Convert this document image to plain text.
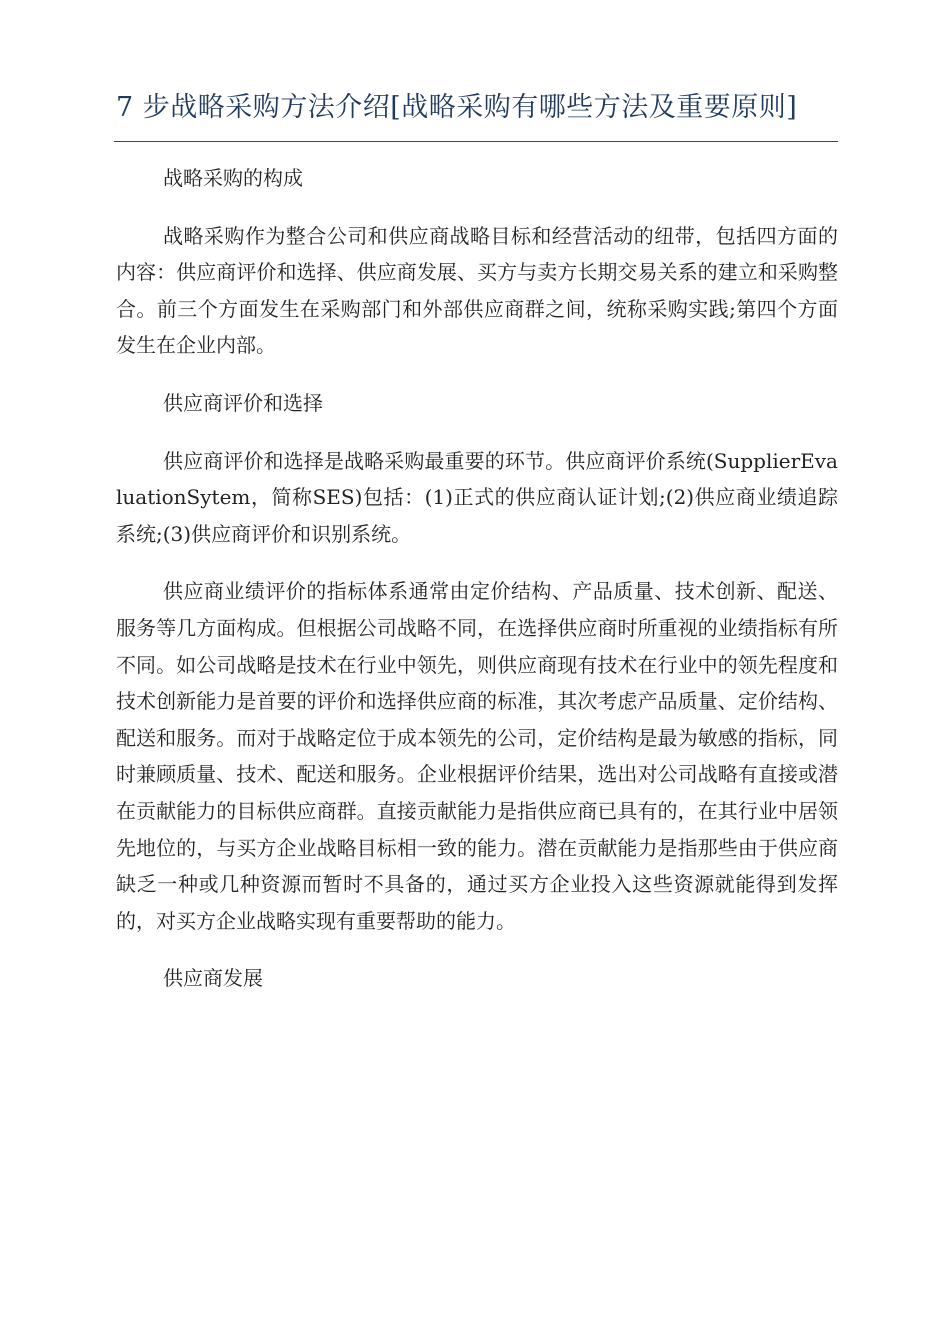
7 步战略采购方法介绍[战略采购有哪些方法及重要原则]

战略采购的构成

战略采购作为整合公司和供应商战略目标和经营活动的纽带，包括四方面的内容：供应商评价和选择、供应商发展、买方与卖方长期交易关系的建立和采购整合。前三个方面发生在采购部门和外部供应商群之间，统称采购实践;第四个方面发生在企业内部。

供应商评价和选择

供应商评价和选择是战略采购最重要的环节。供应商评价系统(SupplierEvaluationSytem，简称SES)包括：(1)正式的供应商认证计划;(2)供应商业绩追踪系统;(3)供应商评价和识别系统。

供应商业绩评价的指标体系通常由定价结构、产品质量、技术创新、配送、服务等几方面构成。但根据公司战略不同，在选择供应商时所重视的业绩指标有所不同。如公司战略是技术在行业中领先，则供应商现有技术在行业中的领先程度和技术创新能力是首要的评价和选择供应商的标准，其次考虑产品质量、定价结构、配送和服务。而对于战略定位于成本领先的公司，定价结构是最为敏感的指标，同时兼顾质量、技术、配送和服务。企业根据评价结果，选出对公司战略有直接或潜在贡献能力的目标供应商群。直接贡献能力是指供应商已具有的，在其行业中居领先地位的，与买方企业战略目标相一致的能力。潜在贡献能力是指那些由于供应商缺乏一种或几种资源而暂时不具备的，通过买方企业投入这些资源就能得到发挥的，对买方企业战略实现有重要帮助的能力。

供应商发展
